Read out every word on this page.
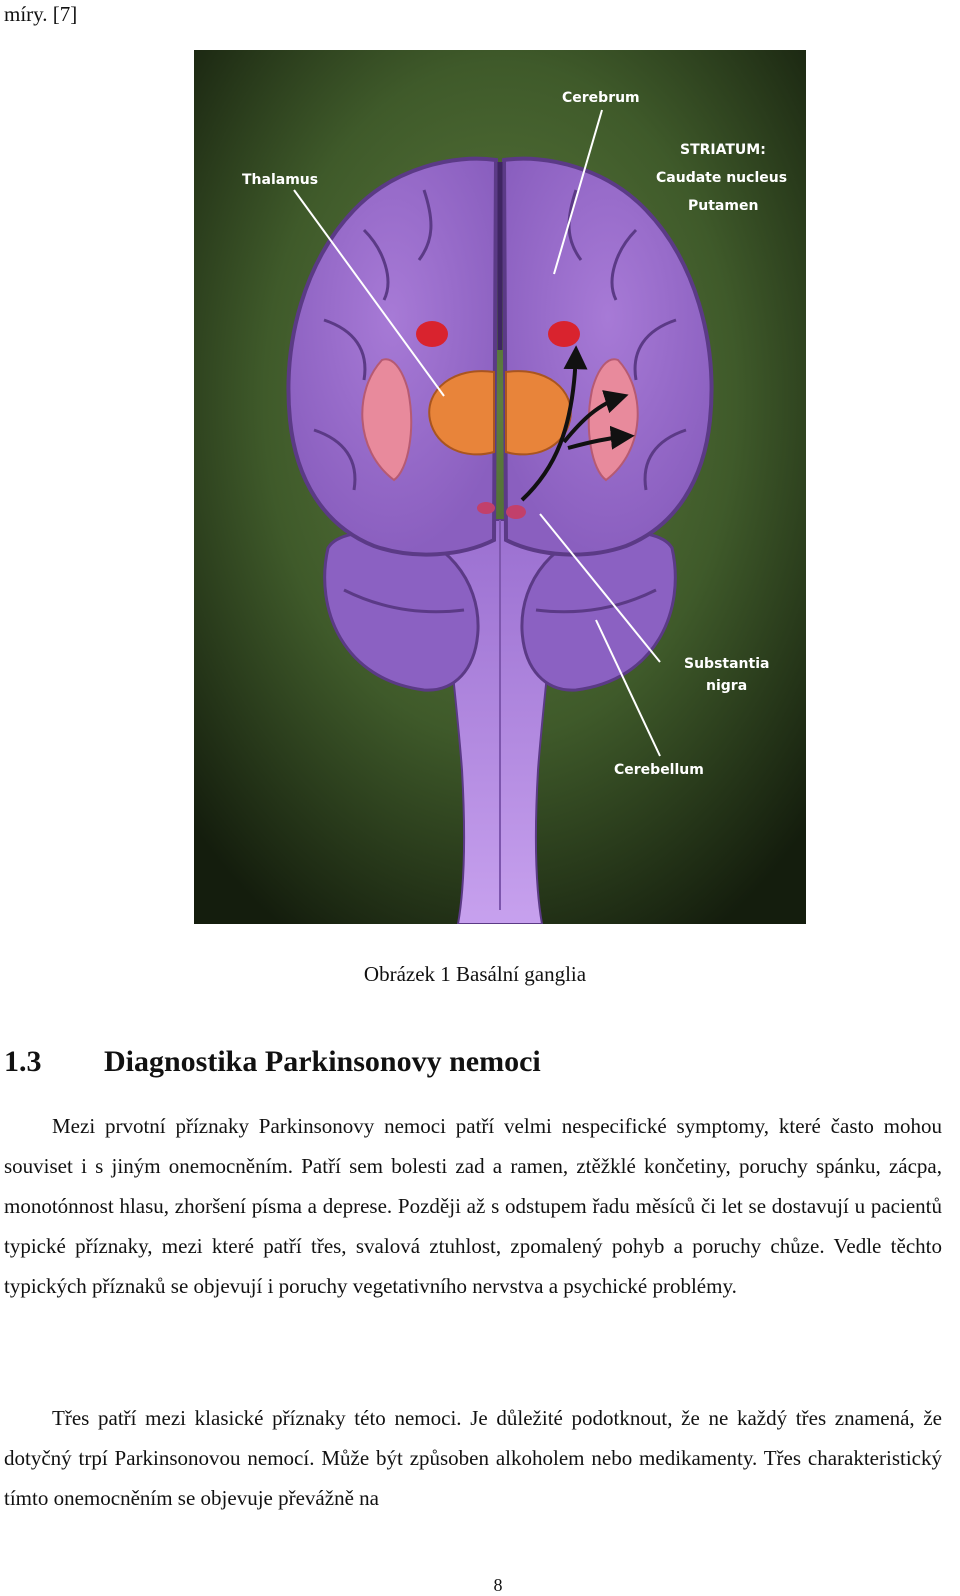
míry. [7]
Cerebrum
STRIATUM:
Caudate nucleus
Putamen
Thalamus
Substantia
nigra
Cerebellum
Obrázek 1 Basální ganglia
1.3 Diagnostika Parkinsonovy nemoci

Mezi prvotní příznaky Parkinsonovy nemoci patří velmi nespecifické symptomy, které často mohou souviset i s jiným onemocněním. Patří sem bolesti zad a ramen, ztěžklé končetiny, poruchy spánku, zácpa, monotónnost hlasu, zhoršení písma a deprese. Později až s odstupem řadu měsíců či let se dostavují u pacientů typické příznaky, mezi které patří třes, svalová ztuhlost, zpomalený pohyb a poruchy chůze. Vedle těchto typických příznaků se objevují i poruchy vegetativního nervstva a psychické problémy.

Třes patří mezi klasické příznaky této nemoci. Je důležité podotknout, že ne každý třes znamená, že dotyčný trpí Parkinsonovou nemocí. Může být způsoben alkoholem nebo medikamenty. Třes charakteristický tímto onemocněním se objevuje převážně na

8
